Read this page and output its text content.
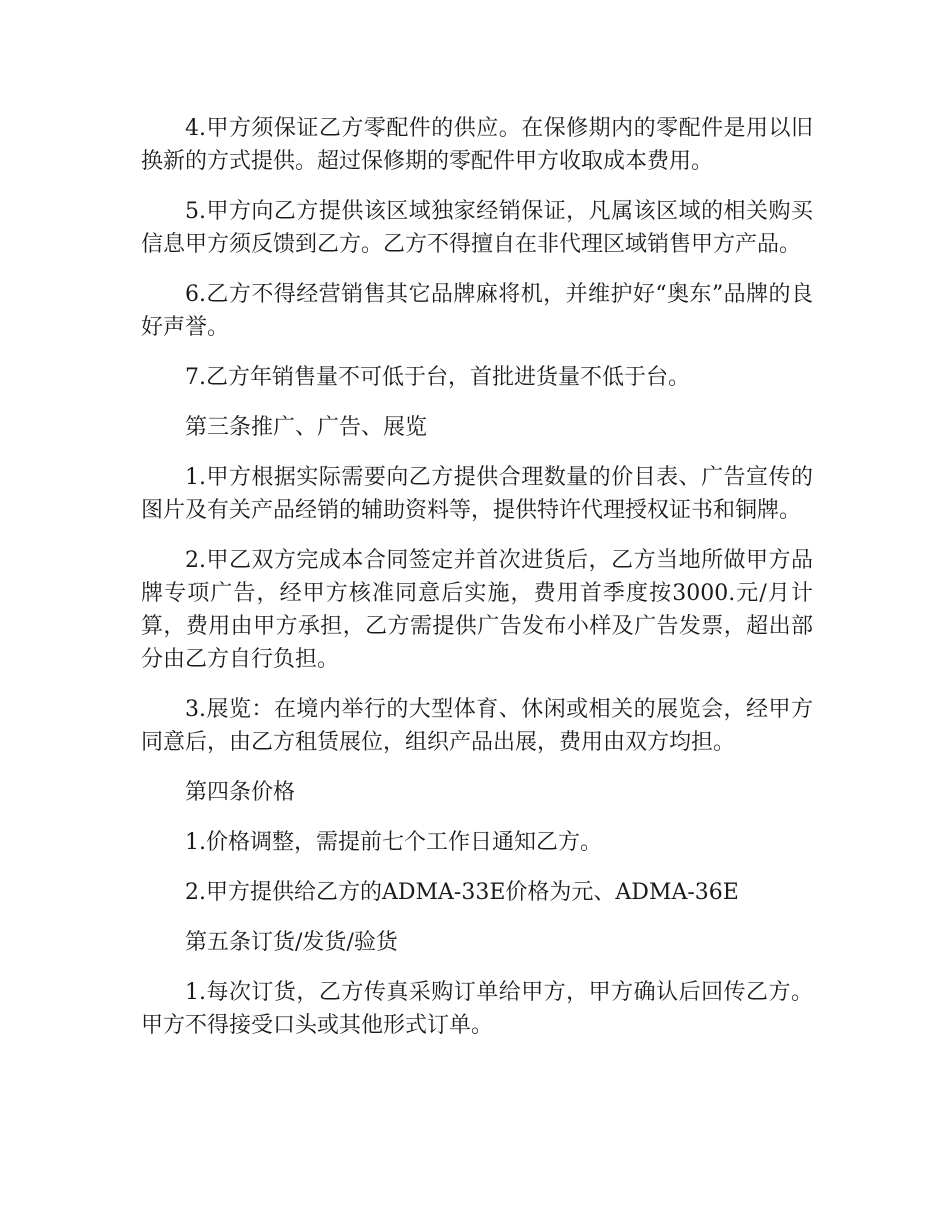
4.甲方须保证乙方零配件的供应。在保修期内的零配件是用以旧换新的方式提供。超过保修期的零配件甲方收取成本费用。

5.甲方向乙方提供该区域独家经销保证，凡属该区域的相关购买信息甲方须反馈到乙方。乙方不得擅自在非代理区域销售甲方产品。

6.乙方不得经营销售其它品牌麻将机，并维护好“奥东”品牌的良好声誉。

7.乙方年销售量不可低于台，首批进货量不低于台。

第三条推广、广告、展览

1.甲方根据实际需要向乙方提供合理数量的价目表、广告宣传的图片及有关产品经销的辅助资料等，提供特许代理授权证书和铜牌。

2.甲乙双方完成本合同签定并首次进货后，乙方当地所做甲方品牌专项广告，经甲方核准同意后实施，费用首季度按3000.元/月计算，费用由甲方承担，乙方需提供广告发布小样及广告发票，超出部分由乙方自行负担。

3.展览：在境内举行的大型体育、休闲或相关的展览会，经甲方同意后，由乙方租赁展位，组织产品出展，费用由双方均担。

第四条价格

1.价格调整，需提前七个工作日通知乙方。

2.甲方提供给乙方的ADMA-33E价格为元、ADMA-36E

第五条订货/发货/验货

1.每次订货，乙方传真采购订单给甲方，甲方确认后回传乙方。甲方不得接受口头或其他形式订单。
